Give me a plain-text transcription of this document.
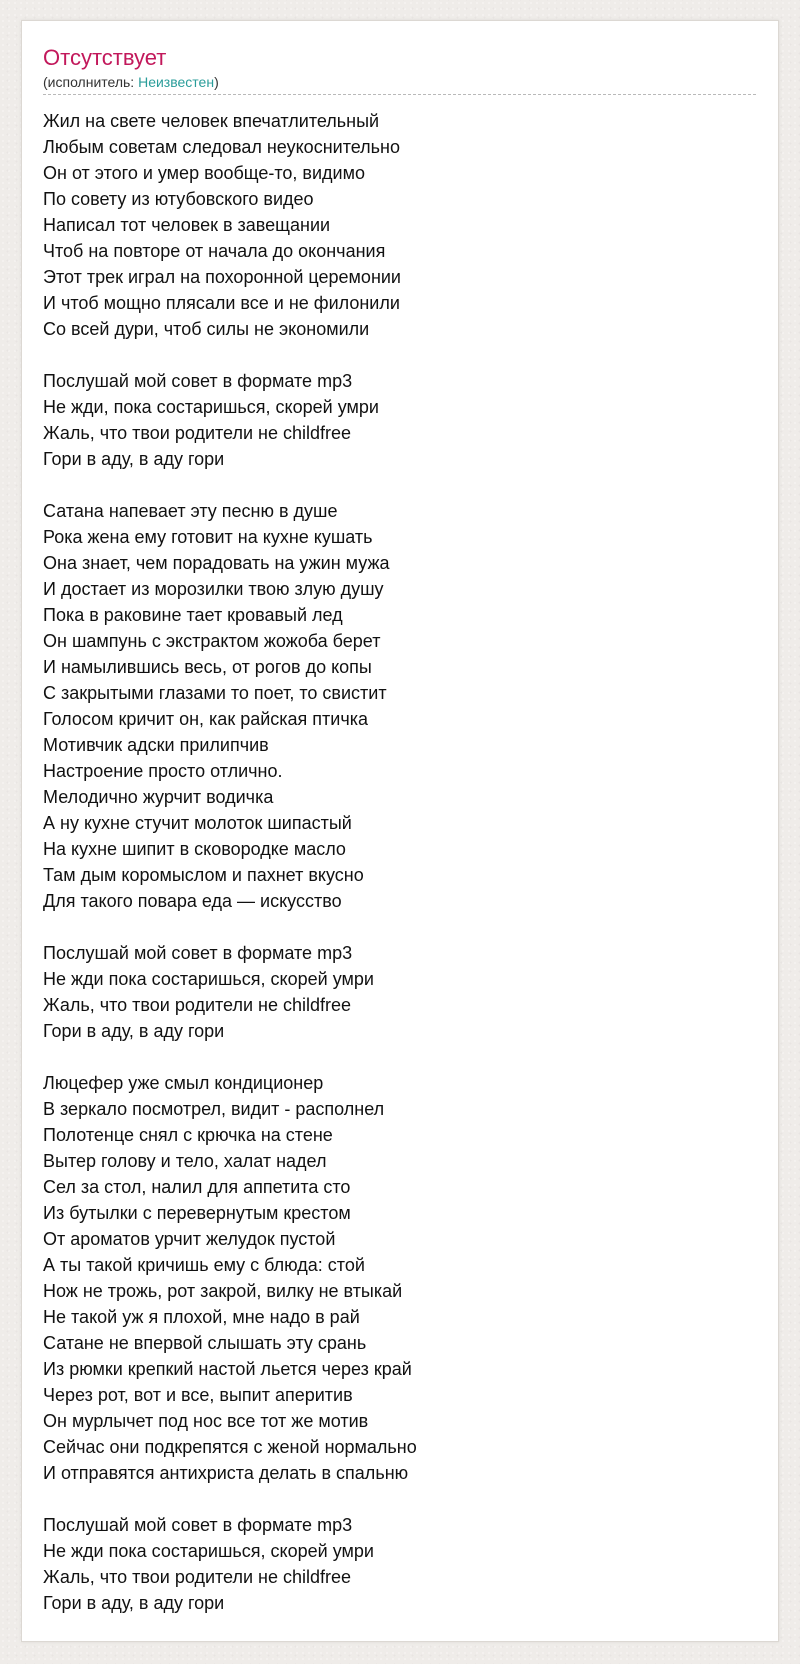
Отсутствует
(исполнитель: Неизвестен)
Жил на свете человек впечатлительный
Любым советам следовал неукоснительно
Он от этого и умер вообще-то, видимо
По совету из ютубовского видео
Написал тот человек в завещании
Чтоб на повторе от начала до окончания
Этот трек играл на похоронной церемонии
И чтоб мощно плясали все и не филонили
Со всей дури, чтоб силы не экономили
Послушай мой совет в формате mp3
Не жди, пока состаришься, скорей умри
Жаль, что твои родители не childfree
Гори в аду, в аду гори
Сатана напевает эту песню в душе
Рока жена ему готовит на кухне кушать
Она знает, чем порадовать на ужин мужа
И достает из морозилки твою злую душу
Пока в раковине тает кровавый лед
Он шампунь с экстрактом жожоба берет
И намылившись весь, от рогов до копы
С закрытыми глазами то поет, то свистит
Голосом кричит он, как райская птичка
Мотивчик адски прилипчив
Настроение просто отлично.
Мелодично журчит водичка
А ну кухне стучит молоток шипастый
На кухне шипит в сковородке масло
Там дым коромыслом и пахнет вкусно
Для такого повара еда — искусство
Послушай мой совет в формате mp3
Не жди пока состаришься, скорей умри
Жаль, что твои родители не childfree
Гори в аду, в аду гори
Люцефер уже смыл кондиционер
В зеркало посмотрел, видит - располнел
Полотенце снял с крючка на стене
Вытер голову и тело, халат надел
Сел за стол, налил для аппетита сто
Из бутылки с перевернутым крестом
От ароматов урчит желудок пустой
А ты такой кричишь ему с блюда: стой
Нож не трожь, рот закрой, вилку не втыкай
Не такой уж я плохой, мне надо в рай
Сатане не впервой слышать эту срань
Из рюмки крепкий настой льется через край
Через рот, вот и все, выпит аперитив
Он мурлычет под нос все тот же мотив
Сейчас они подкрепятся с женой нормально
И отправятся антихриста делать в спальню
Послушай мой совет в формате mp3
Не жди пока состаришься, скорей умри
Жаль, что твои родители не childfree
Гори в аду, в аду гори
